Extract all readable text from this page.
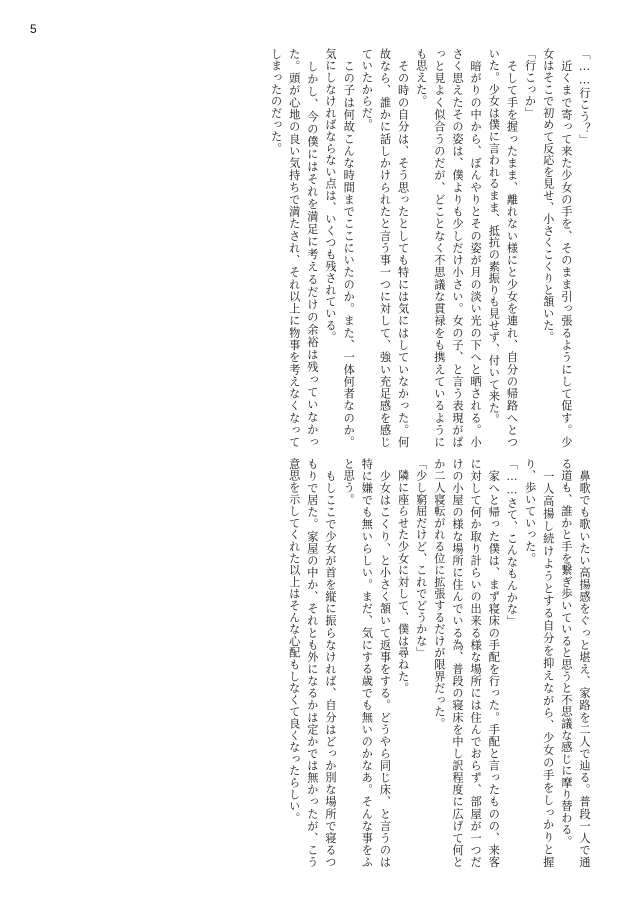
5

「……行こう？」

　近くまで寄って来た少女の手を、そのまま引っ張るようにして促す。少女はそこで初めて反応を見せ、小さくこくりと頷いた。

「行こっか」

　そして手を握ったまま、離れない様にと少女を連れ、自分の帰路へとついた。少女は僕に言われるまま、抵抗の素振りも見せず、付いて来た。

　暗がりの中から、ぼんやりとその姿が月の淡い光の下へと晒される。小さく思えたその姿は、僕よりも少しだけ小さい。女の子、と言う表現がぱっと見よく似合うのだが、どことなく不思議な貫禄をも携えているようにも思えた。

　その時の自分は、そう思ったとしても特には気にはしていなかった。何故なら、誰かに話しかけられたと言う事一つに対して、強い充足感を感じていたからだ。

　この子は何故こんな時間までここにいたのか。また、一体何者なのか。気にしなければならない点は、いくつも残されている。

　しかし、今の僕にはそれを満足に考えるだけの余裕は残っていなかった。頭が心地の良い気持ちで満たされ、それ以上に物事を考えなくなってしまったのだった。

　鼻歌でも歌いたい高揚感をぐっと堪え、家路を二人で辿る。普段一人で通る道も、誰かと手を繋ぎ歩いていると思うと不思議な感じに摩り替わる。

　一人高揚し続けようとする自分を抑えながら、少女の手をしっかりと握り、歩いていった。

「……さて、こんなもんかな」

　家へと帰った僕は、まず寝床の手配を行った。手配と言ったものの、来客に対して何か取り計らいの出来る様な場所には住んでおらず、部屋が一つだけの小屋の様な場所に住んでいる為、普段の寝床を中し訳程度に広げて何とか二人寝転がれる位に拡張するだけが限界だった。

「少し窮屈だけど、これでどうかな」

　隣に座らせた少女に対して、僕は尋ねた。

　少女はこくり、と小さく頷いて返事をする。どうやら同じ床、と言うのは特に嫌でも無いらしい。まだ、気にする歳でも無いのかなあ。そんな事をふと思う。

　もしここで少女が首を縦に振らなければ、自分はどっか別な場所で寝るつもりで居た。家屋の中か、それとも外になるかは定かでは無かったが、こう意思を示してくれた以上はそんな心配もしなくて良くなったらしい。
